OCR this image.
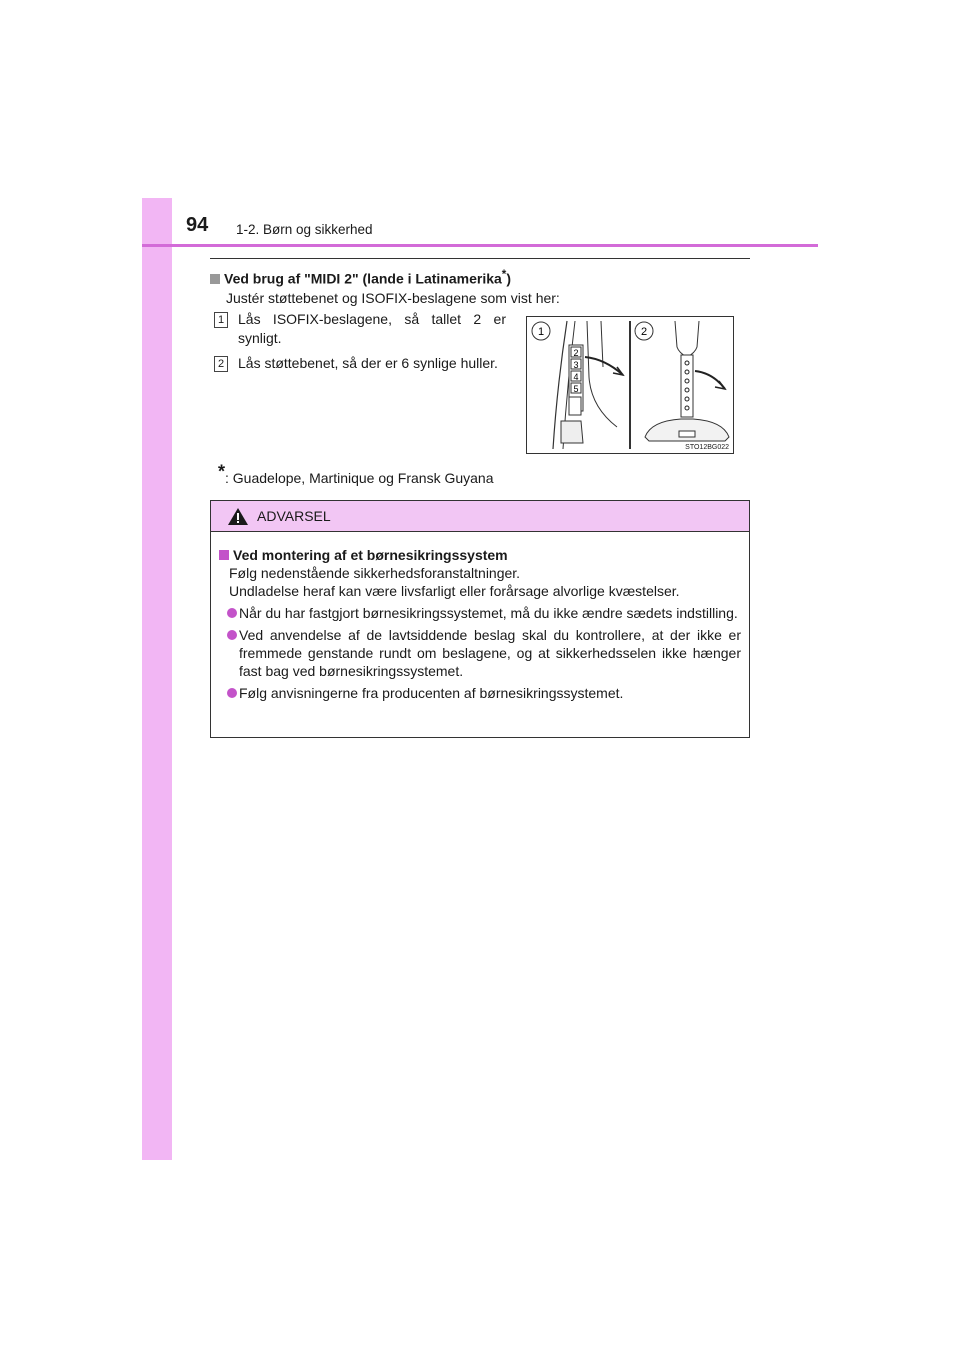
94 1-2. Børn og sikkerhed
Ved brug af "MIDI 2" (lande i Latinamerika*)
Justér støttebenet og ISOFIX-beslagene som vist her:
1 Lås ISOFIX-beslagene, så tallet 2 er synligt.
2 Lås støttebenet, så der er 6 synlige huller.
1	2
2
3
4
5
STO12BG022
*: Guadelope, Martinique og Fransk Guyana
ADVARSEL
Ved montering af et børnesikringssystem
Følg nedenstående sikkerhedsforanstaltninger.
Undladelse heraf kan være livsfarligt eller forårsage alvorlige kvæstelser.
Når du har fastgjort børnesikringssystemet, må du ikke ændre sædets indstilling.
Ved anvendelse af de lavtsiddende beslag skal du kontrollere, at der ikke er fremmede genstande rundt om beslagene, og at sikkerhedsselen ikke hænger fast bag ved børnesikringssystemet.
Følg anvisningerne fra producenten af børnesikringssystemet.
